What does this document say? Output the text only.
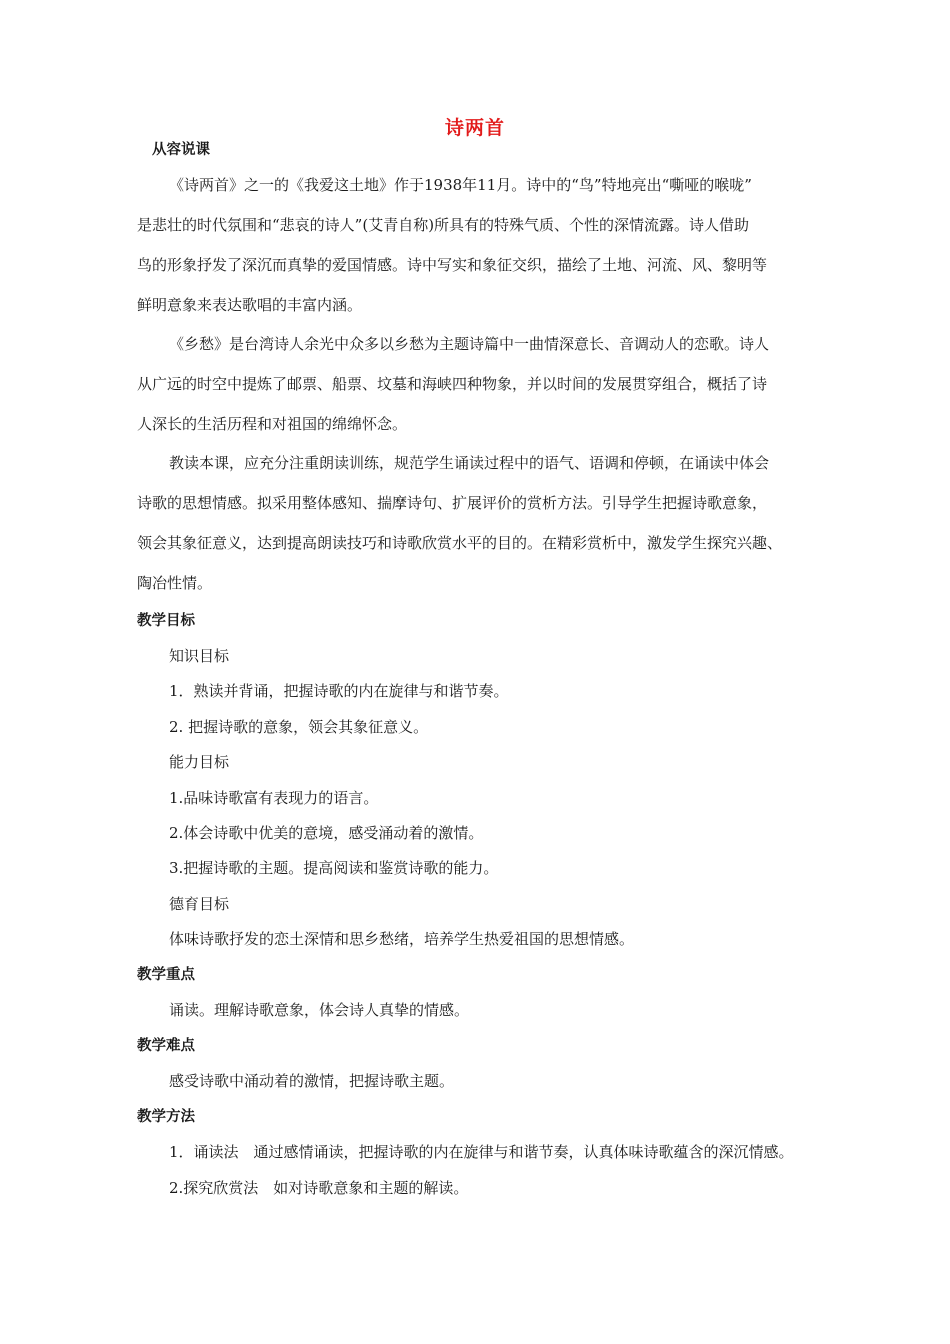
诗两首
从容说课
《诗两首》之一的《我爱这土地》作于1938年11月。诗中的“鸟”特地亮出“嘶哑的喉咙”
是悲壮的时代氛围和“悲哀的诗人”(艾青自称)所具有的特殊气质、个性的深情流露。诗人借助
鸟的形象抒发了深沉而真挚的爱国情感。诗中写实和象征交织，描绘了土地、河流、风、黎明等
鲜明意象来表达歌唱的丰富内涵。
《乡愁》是台湾诗人余光中众多以乡愁为主题诗篇中一曲情深意长、音调动人的恋歌。诗人
从广远的时空中提炼了邮票、船票、坟墓和海峡四种物象，并以时间的发展贯穿组合，概括了诗
人深长的生活历程和对祖国的绵绵怀念。
教读本课，应充分注重朗读训练，规范学生诵读过程中的语气、语调和停顿，在诵读中体会
诗歌的思想情感。拟采用整体感知、揣摩诗句、扩展评价的赏析方法。引导学生把握诗歌意象，
领会其象征意义，达到提高朗读技巧和诗歌欣赏水平的目的。在精彩赏析中，激发学生探究兴趣、
陶冶性情。
教学目标
知识目标
1．熟读并背诵，把握诗歌的内在旋律与和谐节奏。
2. 把握诗歌的意象，领会其象征意义。
能力目标
1.品味诗歌富有表现力的语言。
2.体会诗歌中优美的意境，感受涌动着的激情。
3.把握诗歌的主题。提高阅读和鉴赏诗歌的能力。
德育目标
体味诗歌抒发的恋土深情和思乡愁绪，培养学生热爱祖国的思想情感。
教学重点
诵读。理解诗歌意象，体会诗人真挚的情感。
教学难点
感受诗歌中涌动着的激情，把握诗歌主题。
教学方法
1．诵读法　通过感情诵读，把握诗歌的内在旋律与和谐节奏，认真体味诗歌蕴含的深沉情感。
2.探究欣赏法　如对诗歌意象和主题的解读。
